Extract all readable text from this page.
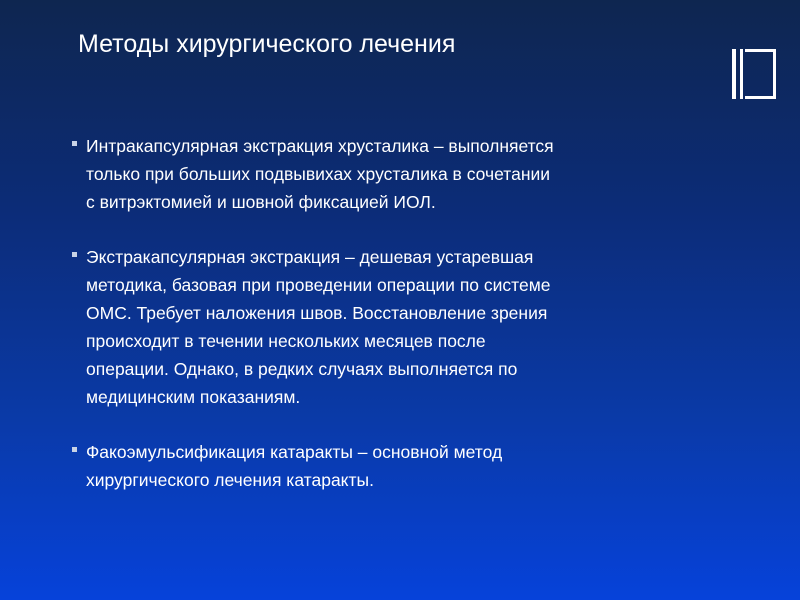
Методы хирургического лечения
Интракапсулярная экстракция хрусталика – выполняется
только при больших подвывихах хрусталика в сочетании
с витрэктомией и шовной фиксацией ИОЛ.
Экстракапсулярная экстракция – дешевая устаревшая
методика, базовая при проведении операции по системе
ОМС. Требует наложения швов. Восстановление зрения
происходит в течении нескольких месяцев после
операции. Однако, в редких случаях выполняется по
медицинским показаниям.
Факоэмульсификация катаракты – основной метод
хирургического лечения катаракты.
